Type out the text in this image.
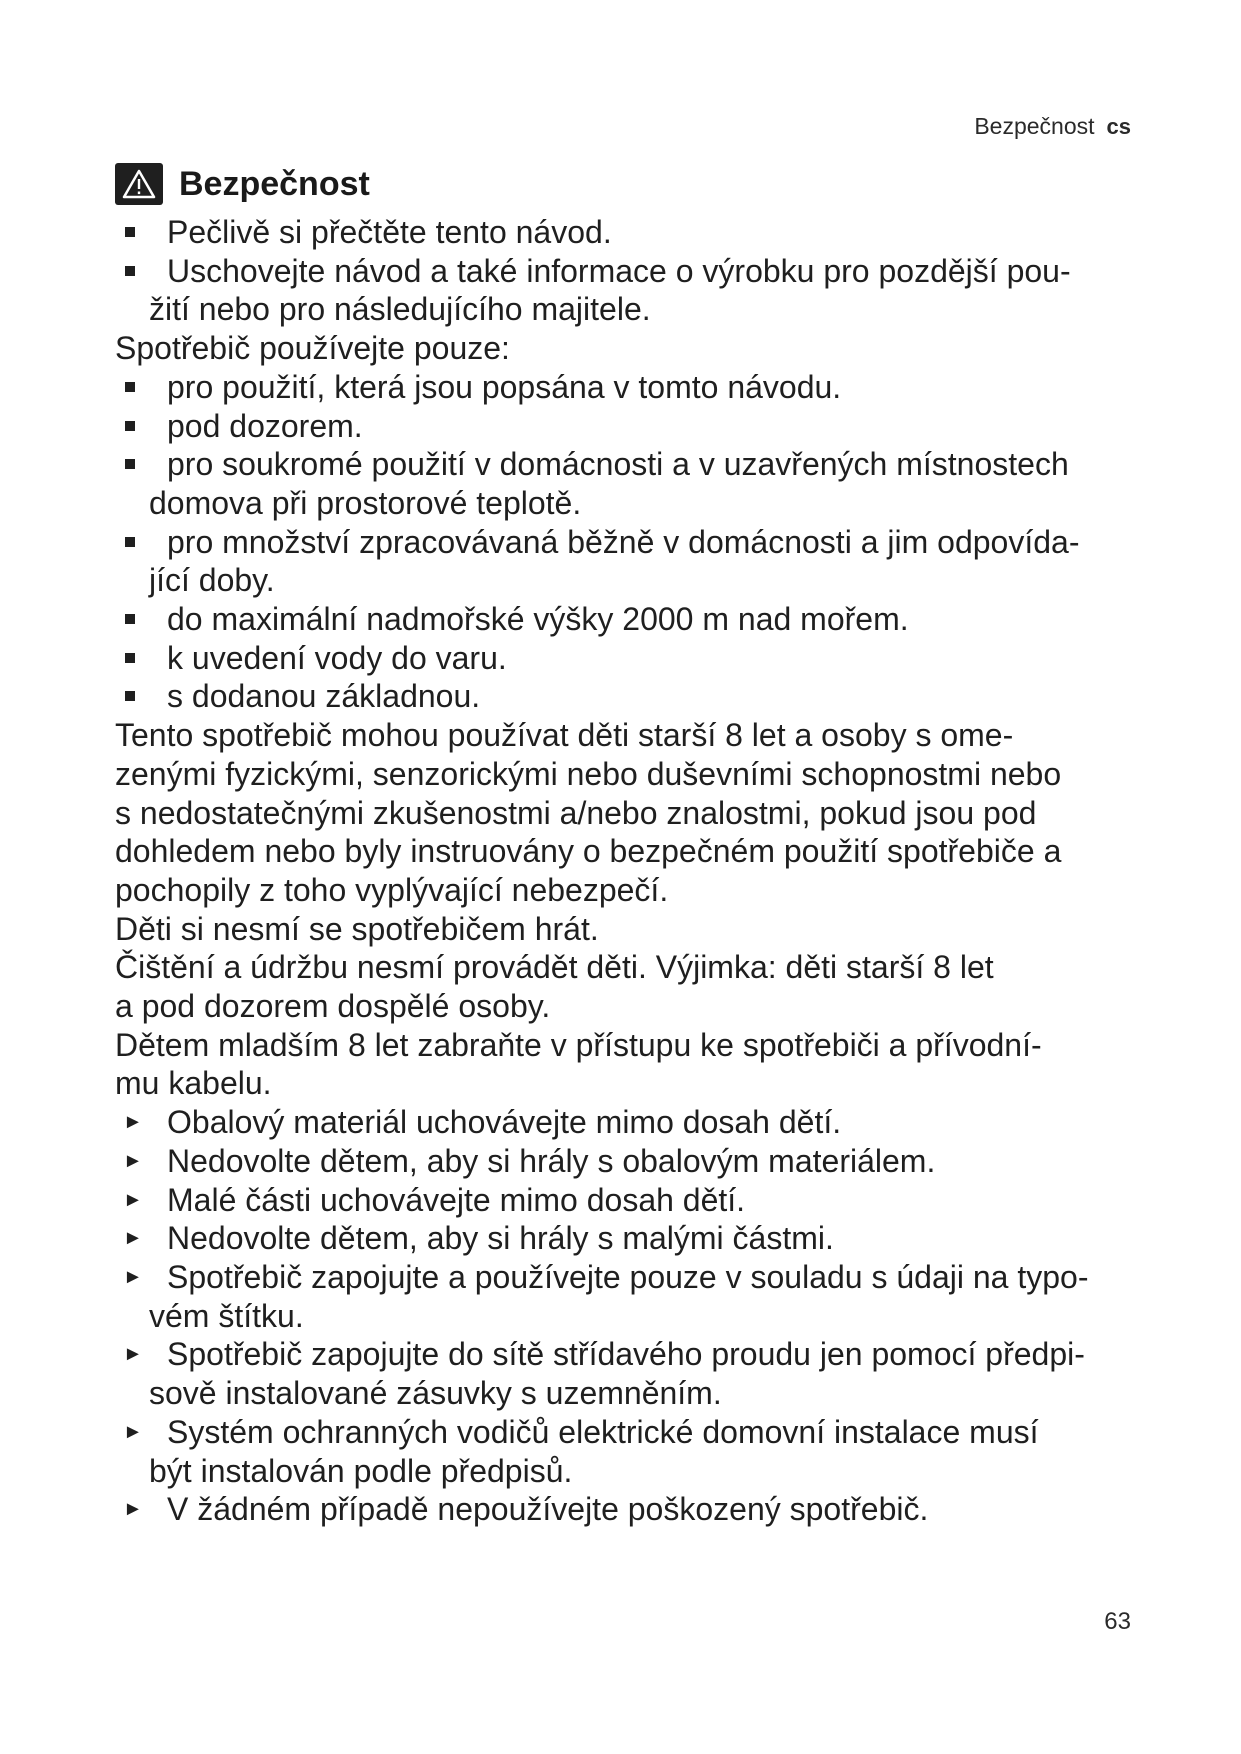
Bezpečnost cs
Bezpečnost
Pečlivě si přečtěte tento návod.
Uschovejte návod a také informace o výrobku pro pozdější pou-

žití nebo pro následujícího majitele.

Spotřebič používejte pouze:

pro použití, která jsou popsána v tomto návodu.
pod dozorem.
pro soukromé použití v domácnosti a v uzavřených místnostech

domova při prostorové teplotě.
pro množství zpracovávaná běžně v domácnosti a jim odpovída-

jící doby.
do maximální nadmořské výšky 2000 m nad mořem.
k uvedení vody do varu.
s dodanou základnou.

Tento spotřebič mohou používat děti starší 8 let a osoby s ome-
zenými fyzickými, senzorickými nebo duševními schopnostmi nebo
s nedostatečnými zkušenostmi a/nebo znalostmi, pokud jsou pod
dohledem nebo byly instruovány o bezpečném použití spotřebiče a
pochopily z toho vyplývající nebezpečí.

Děti si nesmí se spotřebičem hrát.

Čištění a údržbu nesmí provádět děti. Výjimka: děti starší 8 let
a pod dozorem dospělé osoby.

Dětem mladším 8 let zabraňte v přístupu ke spotřebiči a přívodní-
mu kabelu.

► Obalový materiál uchovávejte mimo dosah dětí.
► Nedovolte dětem, aby si hrály s obalovým materiálem.
► Malé části uchovávejte mimo dosah dětí.
► Nedovolte dětem, aby si hrály s malými částmi.
► Spotřebič zapojujte a používejte pouze v souladu s údaji na typo-

vém štítku.
► Spotřebič zapojujte do sítě střídavého proudu jen pomocí předpi-

sově instalované zásuvky s uzemněním.
► Systém ochranných vodičů elektrické domovní instalace musí

být instalován podle předpisů.
► V žádném případě nepoužívejte poškozený spotřebič.
63
